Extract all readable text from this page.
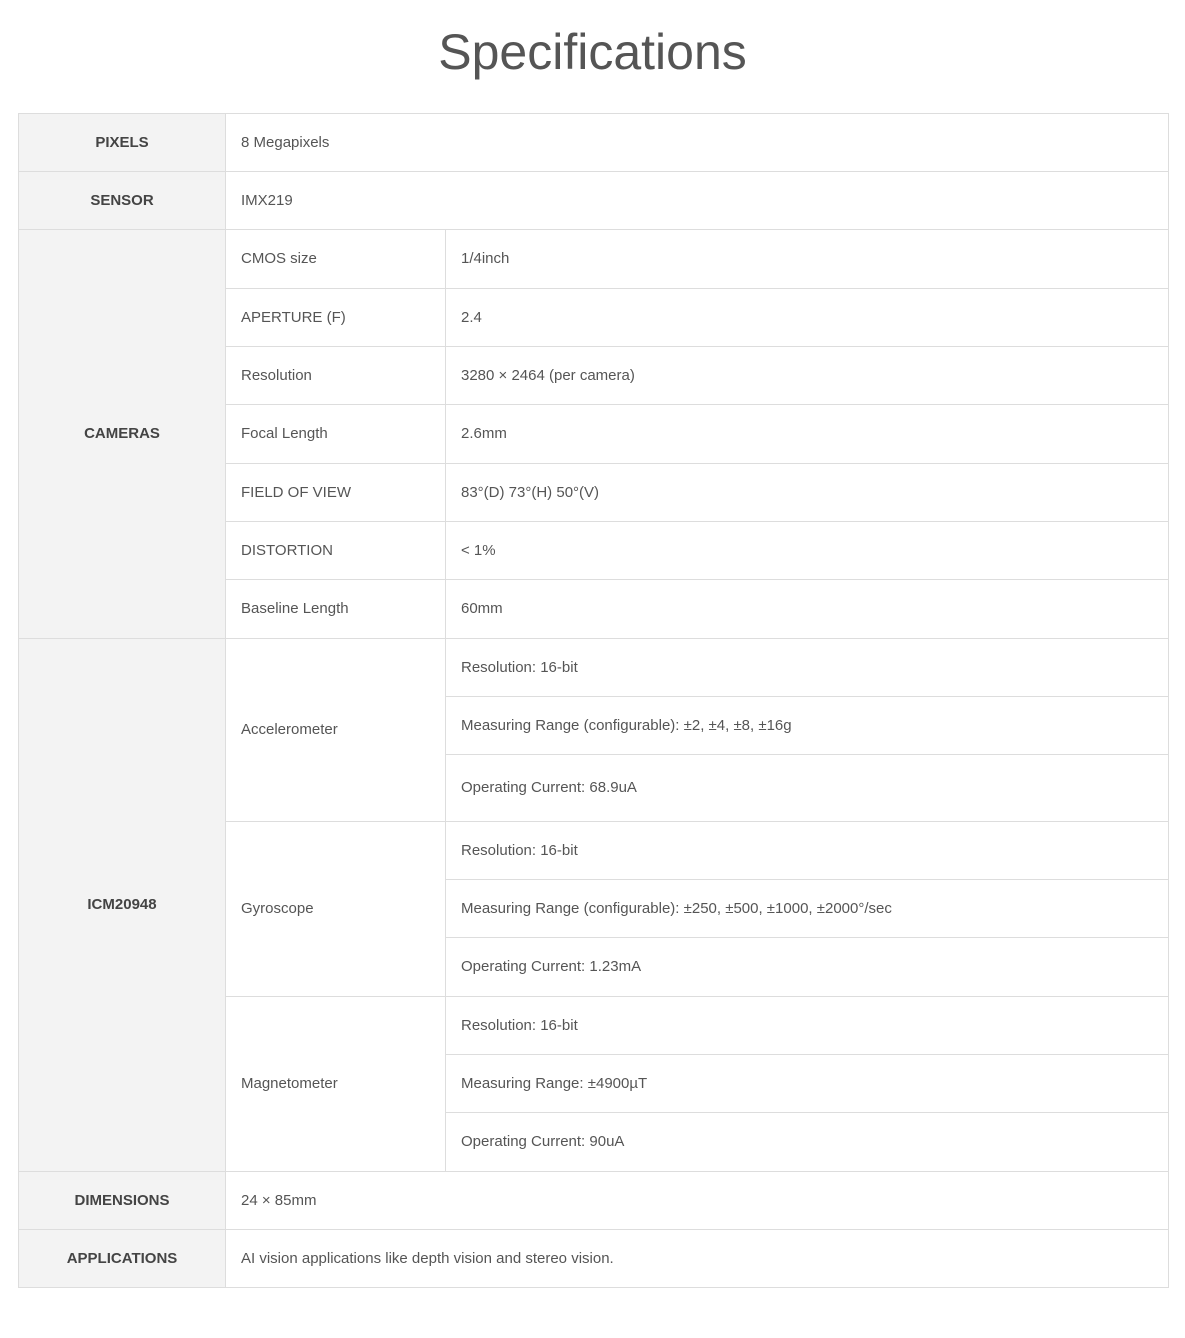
Specifications
PIXELS	8 Megapixels	
SENSOR	IMX219	
CAMERAS	CMOS size	1/4inch
	APERTURE (F)	2.4
	Resolution	3280 × 2464 (per camera)
	Focal Length	2.6mm
	FIELD OF VIEW	83°(D) 73°(H) 50°(V)
	DISTORTION	< 1%
	Baseline Length	60mm
ICM20948	Accelerometer	Resolution: 16-bit
		Measuring Range (configurable): ±2, ±4, ±8, ±16g
		Operating Current: 68.9uA
	Gyroscope	Resolution: 16-bit
		Measuring Range (configurable): ±250, ±500, ±1000, ±2000°/sec
		Operating Current: 1.23mA
	Magnetometer	Resolution: 16-bit
		Measuring Range: ±4900µT
		Operating Current: 90uA
DIMENSIONS	24 × 85mm	
APPLICATIONS	AI vision applications like depth vision and stereo vision.	
